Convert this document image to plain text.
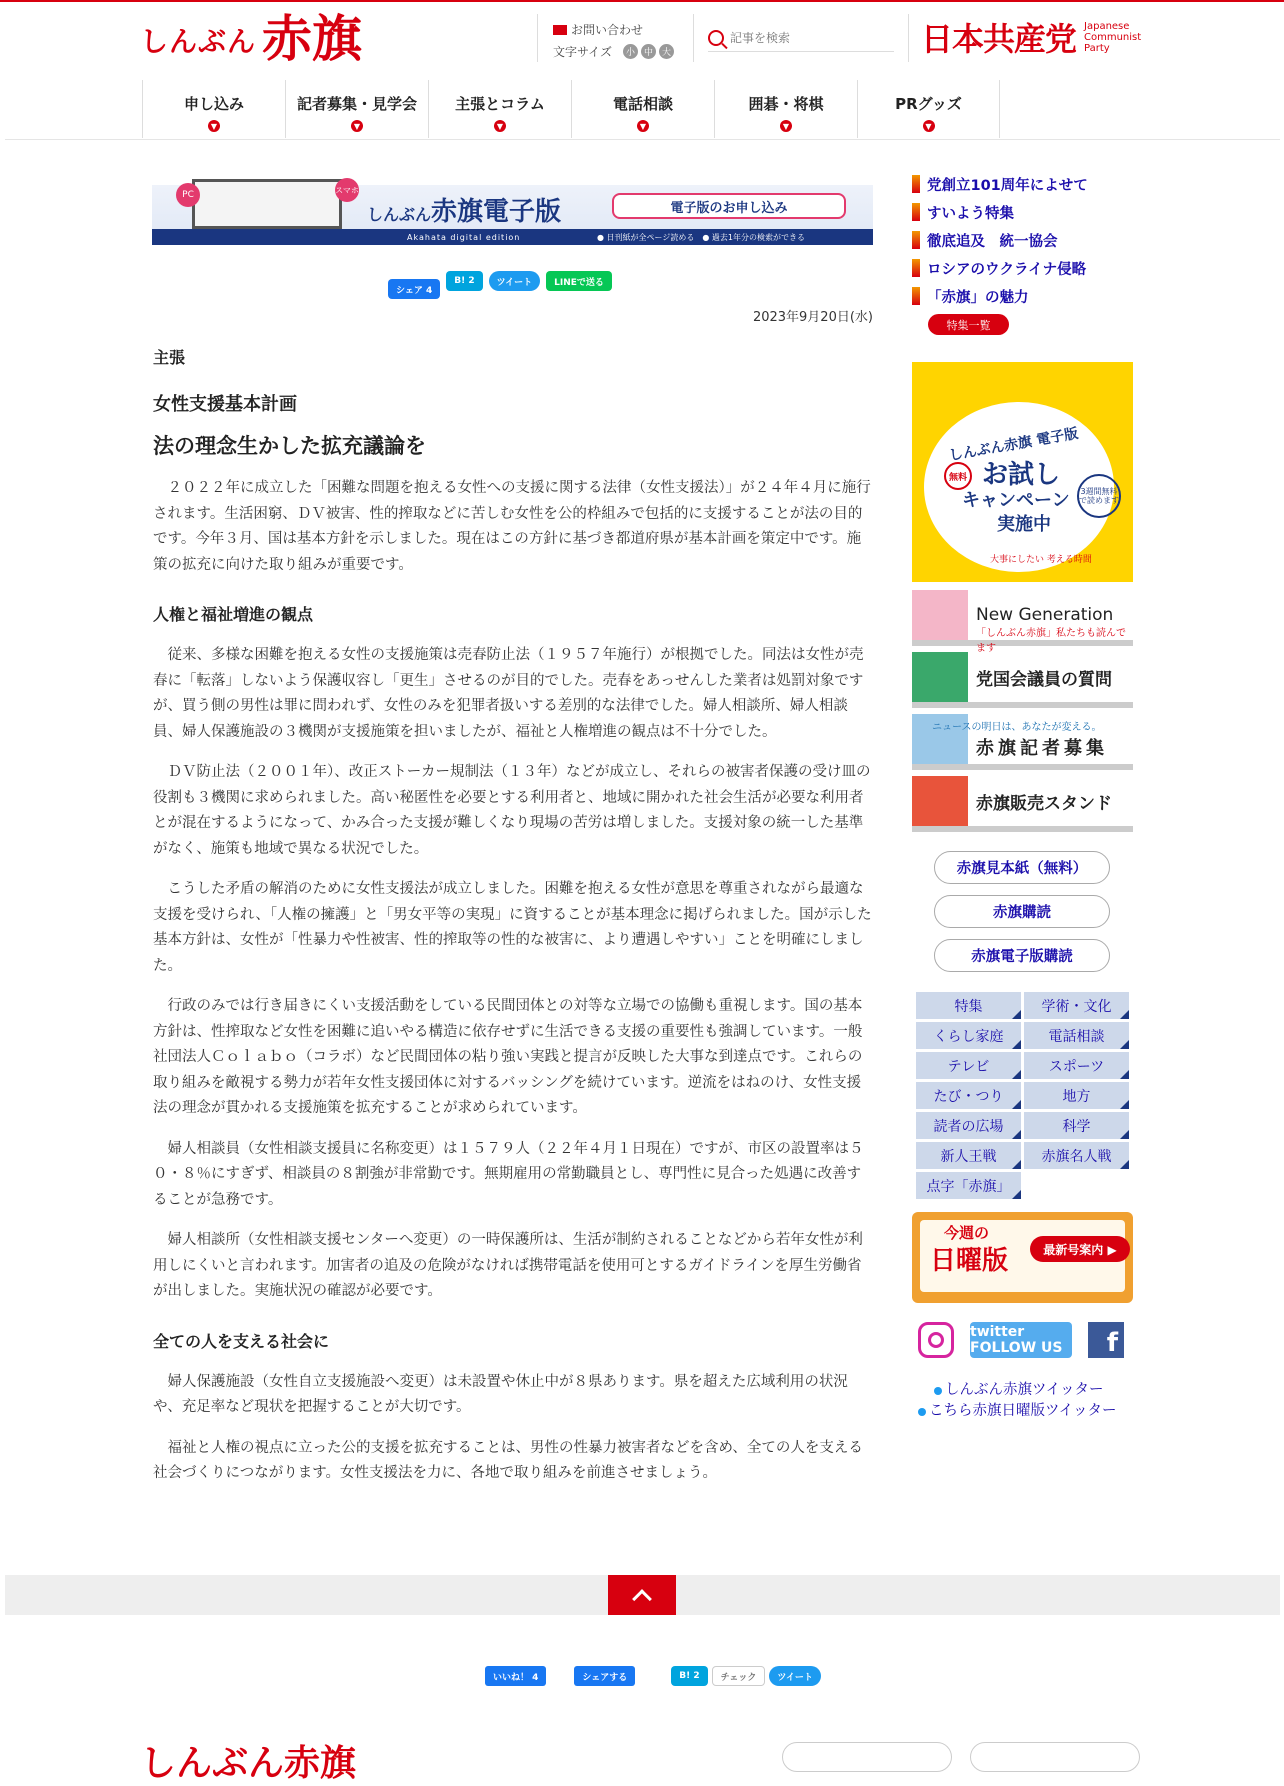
しんぶん 赤旗	お問い合わせ
文字サイズ	小 中 大
記事を検索	日本共産党 Japanese
Communist
Party
申し込み
▼
記者募集・見学会
▼
主張とコラム
▼
電話相談
▼
囲碁・将棋
▼
PRグッズ
▼
PC	スマホ
しんぶん赤旗電子版	電子版のお申し込み
Akahata digital edition	● 日刊紙が全ページ読める　● 過去1年分の検索ができる
シェア 4
B! 2	ツイート	LINEで送る
2023年9月20日(水)
主張
女性支援基本計画
法の理念生かした拡充議論を

２０２２年に成立した「困難な問題を抱える女性への支援に関する法律（女性支援法）」が２４年４月に施行されます。生活困窮、ＤＶ被害、性的搾取などに苦しむ女性を公的枠組みで包括的に支援することが法の目的です。今年３月、国は基本方針を示しました。現在はこの方針に基づき都道府県が基本計画を策定中です。施策の拡充に向けた取り組みが重要です。

人権と福祉増進の観点

従来、多様な困難を抱える女性の支援施策は売春防止法（１９５７年施行）が根拠でした。同法は女性が売春に「転落」しないよう保護収容し「更生」させるのが目的でした。売春をあっせんした業者は処罰対象ですが、買う側の男性は罪に問われず、女性のみを犯罪者扱いする差別的な法律でした。婦人相談所、婦人相談員、婦人保護施設の３機関が支援施策を担いましたが、福祉と人権増進の観点は不十分でした。

ＤＶ防止法（２００１年）、改正ストーカー規制法（１３年）などが成立し、それらの被害者保護の受け皿の役割も３機関に求められました。高い秘匿性を必要とする利用者と、地域に開かれた社会生活が必要な利用者とが混在するようになって、かみ合った支援が難しくなり現場の苦労は増しました。支援対象の統一した基準がなく、施策も地域で異なる状況でした。

こうした矛盾の解消のために女性支援法が成立しました。困難を抱える女性が意思を尊重されながら最適な支援を受けられ、「人権の擁護」と「男女平等の実現」に資することが基本理念に掲げられました。国が示した基本方針は、女性が「性暴力や性被害、性的搾取等の性的な被害に、より遭遇しやすい」ことを明確にしました。

行政のみでは行き届きにくい支援活動をしている民間団体との対等な立場での協働も重視します。国の基本方針は、性搾取など女性を困難に追いやる構造に依存せずに生活できる支援の重要性も強調しています。一般社団法人Ｃｏｌａｂｏ（コラボ）など民間団体の粘り強い実践と提言が反映した大事な到達点です。これらの取り組みを敵視する勢力が若年女性支援団体に対するバッシングを続けています。逆流をはねのけ、女性支援法の理念が貫かれる支援施策を拡充することが求められています。

婦人相談員（女性相談支援員に名称変更）は１５７９人（２２年４月１日現在）ですが、市区の設置率は５０・８％にすぎず、相談員の８割強が非常勤です。無期雇用の常勤職員とし、専門性に見合った処遇に改善することが急務です。

婦人相談所（女性相談支援センターへ変更）の一時保護所は、生活が制約されることなどから若年女性が利用しにくいと言われます。加害者の追及の危険がなければ携帯電話を使用可とするガイドラインを厚生労働省が出しました。実施状況の確認が必要です。

全ての人を支える社会に

婦人保護施設（女性自立支援施設へ変更）は未設置や休止中が８県あります。県を超えた広域利用の状況や、充足率など現状を把握することが大切です。

福祉と人権の視点に立った公的支援を拡充することは、男性の性暴力被害者などを含め、全ての人を支える社会づくりにつながります。女性支援法を力に、各地で取り組みを前進させましょう。

党創立101周年によせて
すいよう特集
徹底追及　統一協会
ロシアのウクライナ侵略
「赤旗」の魅力
特集一覧
しんぶん赤旗 電子版
無料 お試し
キャンペーン
実施中
3週間無料で読めます
大事にしたい 考える時間
New Generation
「しんぶん赤旗」私たちも読んでます
党国会議員の質問
赤旗記者募集
ニュースの明日は、あなたが変える。
赤旗販売スタンド
赤旗見本紙（無料）
赤旗購読
赤旗電子版購読
特集	学術・文化
くらし家庭	電話相談
テレビ	スポーツ
たび・つり	地方
読者の広場	科学
新人王戦	赤旗名人戦
点字「赤旗」
今週の
日曜版	最新号案内 ▶
twitter FOLLOW US	f
しんぶん赤旗ツイッター
こちら赤旗日曜版ツイッター
いいね！ 4	シェアする	B! 2	チェック	ツイート
しんぶん赤旗
